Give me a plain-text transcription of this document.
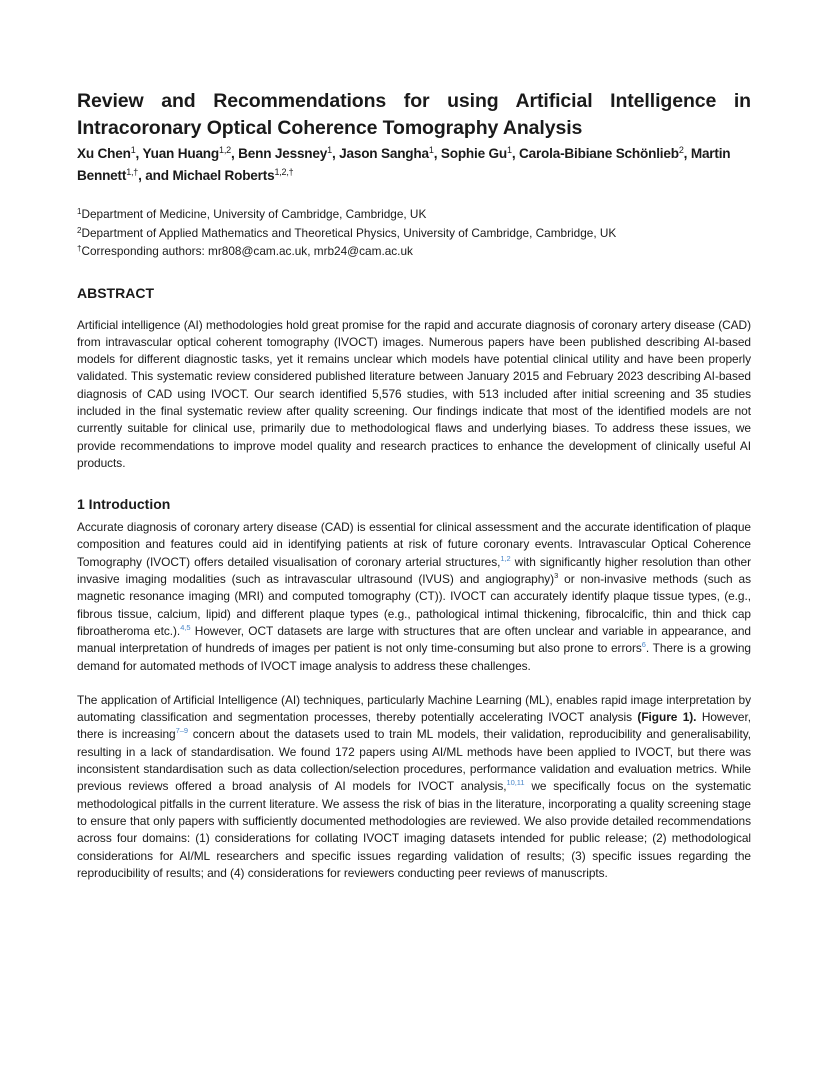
Review and Recommendations for using Artificial Intelligence in
Intracoronary Optical Coherence Tomography Analysis
Xu Chen$^1$, Yuan Huang$^{1,2}$, Benn Jessney$^1$, Jason Sangha$^1$, Sophie Gu$^1$, Carola-Bibiane Schönlieb$^2$, Martin Bennett$^{1,\dagger}$, and Michael Roberts$^{1,2,\dagger}$
$^1$Department of Medicine, University of Cambridge, Cambridge, UK
$^2$Department of Applied Mathematics and Theoretical Physics, University of Cambridge, Cambridge, UK
†Corresponding authors: mr808@cam.ac.uk, mrb24@cam.ac.uk
ABSTRACT

Artificial intelligence (AI) methodologies hold great promise for the rapid and accurate diagnosis of coronary artery disease (CAD) from intravascular optical coherent tomography (IVOCT) images. Numerous papers have been published describing AI-based models for different diagnostic tasks, yet it remains unclear which models have potential clinical utility and have been properly validated. This systematic review considered published literature between January 2015 and February 2023 describing AI-based diagnosis of CAD using IVOCT. Our search identified 5,576 studies, with 513 included after initial screening and 35 studies included in the final systematic review after quality screening. Our findings indicate that most of the identified models are not currently suitable for clinical use, primarily due to methodological flaws and underlying biases. To address these issues, we provide recommendations to improve model quality and research practices to enhance the development of clinically useful AI products.

1 Introduction

Accurate diagnosis of coronary artery disease (CAD) is essential for clinical assessment and the accurate identification of plaque composition and features could aid in identifying patients at risk of future coronary events. Intravascular Optical Coherence Tomography (IVOCT) offers detailed visualisation of coronary arterial structures,$^{1,2}$ with significantly higher resolution than other invasive imaging modalities (such as intravascular ultrasound (IVUS) and angiography)$^3$ or non-invasive methods (such as magnetic resonance imaging (MRI) and computed tomography (CT)). IVOCT can accurately identify plaque tissue types, (e.g., fibrous tissue, calcium, lipid) and different plaque types (e.g., pathological intimal thickening, fibrocalcific, thin and thick cap fibroatheroma etc.).$^{4,5}$ However, OCT datasets are large with structures that are often unclear and variable in appearance, and manual interpretation of hundreds of images per patient is not only time-consuming but also prone to errors$^6$. There is a growing demand for automated methods of IVOCT image analysis to address these challenges.

The application of Artificial Intelligence (AI) techniques, particularly Machine Learning (ML), enables rapid image interpretation by automating classification and segmentation processes, thereby potentially accelerating IVOCT analysis (Figure 1). However, there is increasing$^{7-9}$ concern about the datasets used to train ML models, their validation, reproducibility and generalisability, resulting in a lack of standardisation. We found 172 papers using AI/ML methods have been applied to IVOCT, but there was inconsistent standardisation such as data collection/selection procedures, performance validation and evaluation metrics. While previous reviews offered a broad analysis of AI models for IVOCT analysis,$^{10,11}$ we specifically focus on the systematic methodological pitfalls in the current literature. We assess the risk of bias in the literature, incorporating a quality screening stage to ensure that only papers with sufficiently documented methodologies are reviewed. We also provide detailed recommendations across four domains: (1) considerations for collating IVOCT imaging datasets intended for public release; (2) methodological considerations for AI/ML researchers and specific issues regarding validation of results; (3) specific issues regarding the reproducibility of results; and (4) considerations for reviewers conducting peer reviews of manuscripts.
